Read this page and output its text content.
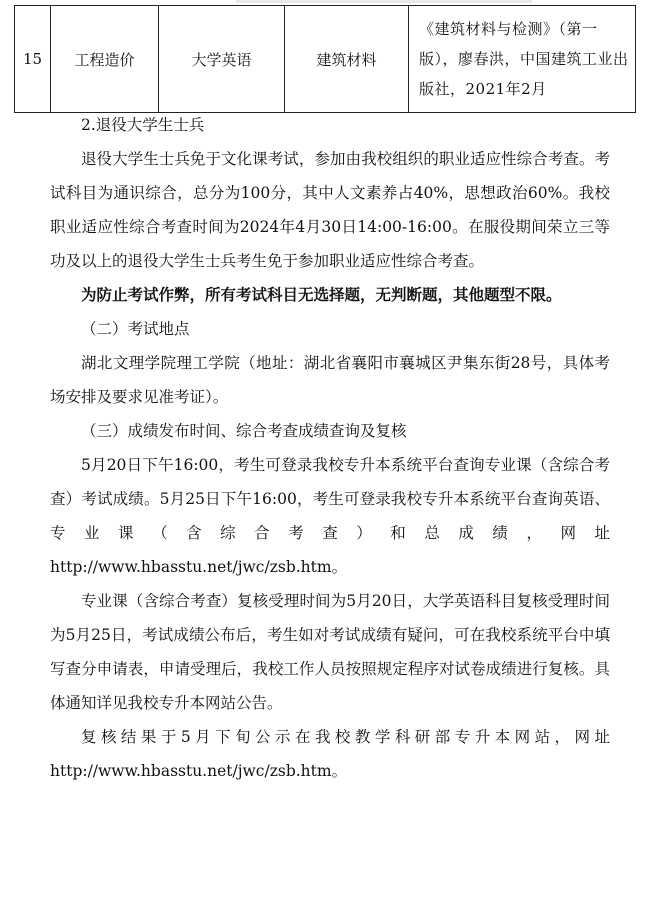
15	工程造价	大学英语	建筑材料	《建筑材料与检测》（第一版），廖春洪，中国建筑工业出版社，2021年2月

2.退役大学生士兵

退役大学生士兵免于文化课考试，参加由我校组织的职业适应性综合考查。考试科目为通识综合，总分为100分，其中人文素养占40%，思想政治60%。我校职业适应性综合考查时间为2024年4月30日14:00-16:00。在服役期间荣立三等功及以上的退役大学生士兵考生免于参加职业适应性综合考查。

为防止考试作弊，所有考试科目无选择题，无判断题，其他题型不限。

（二）考试地点

湖北文理学院理工学院（地址：湖北省襄阳市襄城区尹集东街28号，具体考场安排及要求见准考证）。

（三）成绩发布时间、综合考查成绩查询及复核

5月20日下午16:00，考生可登录我校专升本系统平台查询专业课（含综合考查）考试成绩。5月25日下午16:00，考生可登录我校专升本系统平台查询英语、专业课（含综合考查）和总成绩，网址http://www.hbasstu.net/jwc/zsb.htm。

专业课（含综合考查）复核受理时间为5月20日，大学英语科目复核受理时间为5月25日，考试成绩公布后，考生如对考试成绩有疑问，可在我校系统平台中填写查分申请表，申请受理后，我校工作人员按照规定程序对试卷成绩进行复核。具体通知详见我校专升本网站公告。

复核结果于5月下旬公示在我校教学科研部专升本网站，网址http://www.hbasstu.net/jwc/zsb.htm。
